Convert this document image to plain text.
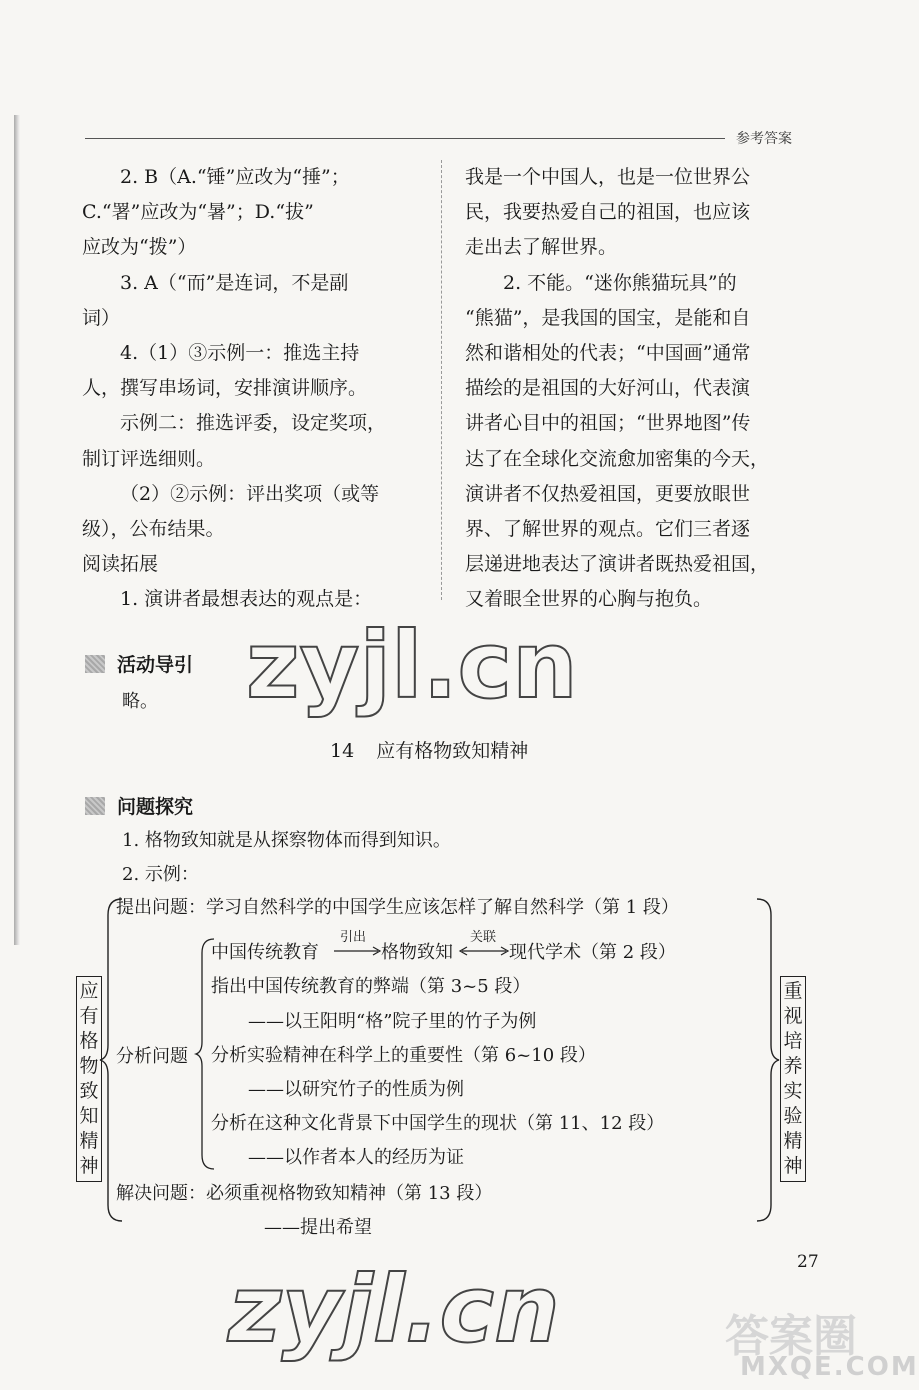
参考答案

2. B（A.“锤”应改为“捶”；

C.“署”应改为“暑”；D.“拔”

应改为“拨”）

3. A（“而”是连词，不是副

词）

4.（1）③示例一：推选主持

人，撰写串场词，安排演讲顺序。

示例二：推选评委，设定奖项，

制订评选细则。

（2）②示例：评出奖项（或等

级），公布结果。

阅读拓展

1. 演讲者最想表达的观点是：

我是一个中国人，也是一位世界公

民，我要热爱自己的祖国，也应该

走出去了解世界。

2. 不能。“迷你熊猫玩具”的

“熊猫”，是我国的国宝，是能和自

然和谐相处的代表；“中国画”通常

描绘的是祖国的大好河山，代表演

讲者心目中的祖国；“世界地图”传

达了在全球化交流愈加密集的今天，

演讲者不仅热爱祖国，更要放眼世

界、了解世界的观点。它们三者逐

层递进地表达了演讲者既热爱祖国，

又着眼全世界的心胸与抱负。

活动导引
略。 zyjl.cn
14 应有格物致知精神
问题探究
1. 格物致知就是从探察物体而得到知识。
2. 示例：
应有格物致知精神
重视培养实验精神
提出问题：学习自然科学的中国学生应该怎样了解自然科学（第 1 段）
分析问题
中国传统教育
引出
格物致知
关联
现代学术（第 2 段）
指出中国传统教育的弊端（第 3~5 段）
——以王阳明“格”院子里的竹子为例
分析实验精神在科学上的重要性（第 6~10 段）
——以研究竹子的性质为例
分析在这种文化背景下中国学生的现状（第 11、12 段）
——以作者本人的经历为证
解决问题：必须重视格物致知精神（第 13 段）
——提出希望
zyjl.cn	27
答案圈
MXQE.COM
